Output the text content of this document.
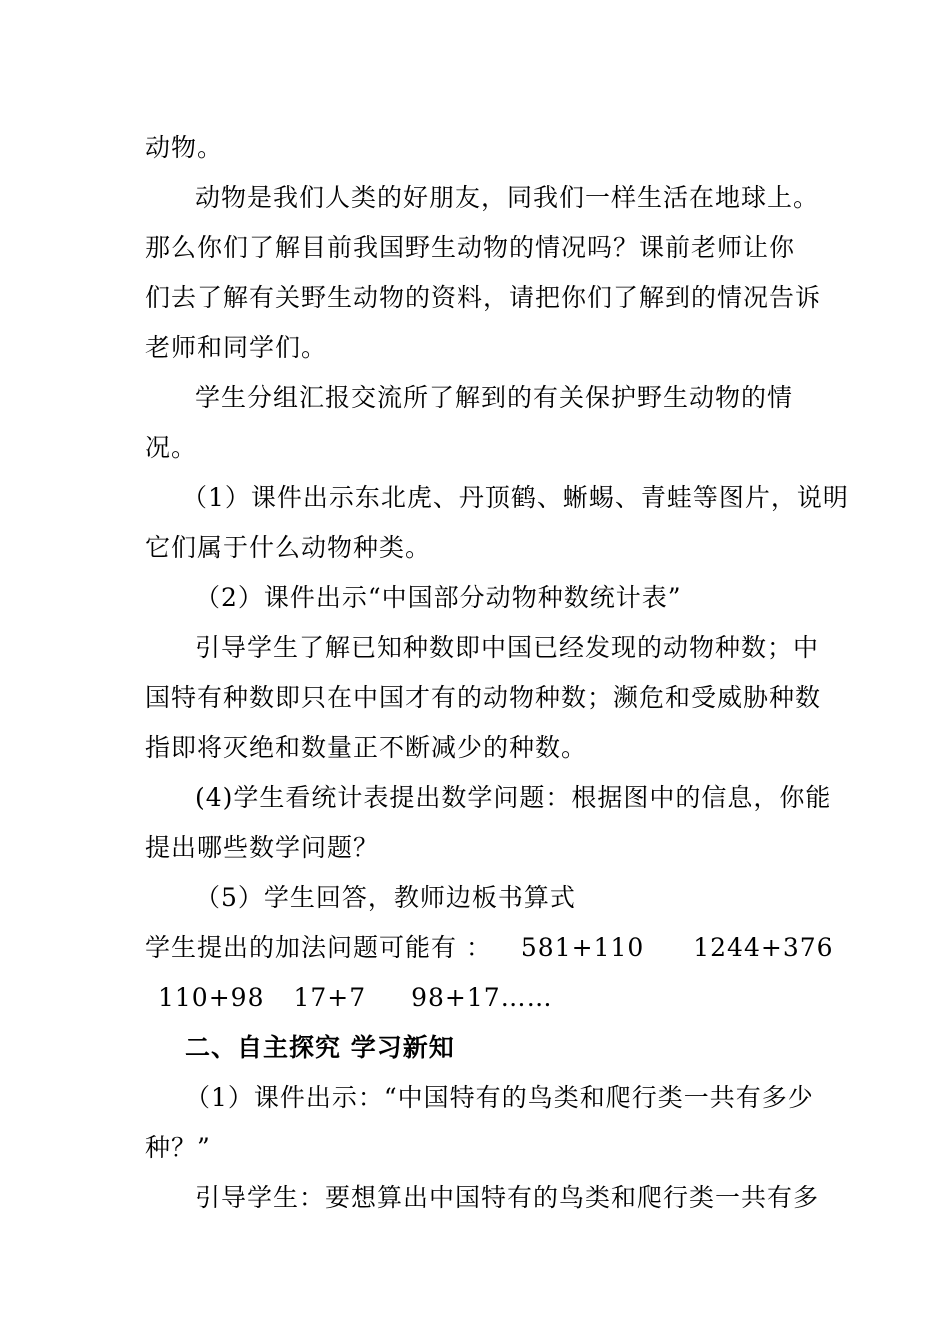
动物。
动物是我们人类的好朋友，同我们一样生活在地球上。
那么你们了解目前我国野生动物的情况吗？课前老师让你
们去了解有关野生动物的资料，请把你们了解到的情况告诉
老师和同学们。
学生分组汇报交流所了解到的有关保护野生动物的情
况。
（1）课件出示东北虎、丹顶鹤、蜥蜴、青蛙等图片，说明
它们属于什么动物种类。
（2）课件出示“中国部分动物种数统计表”
引导学生了解已知种数即中国已经发现的动物种数；中
国特有种数即只在中国才有的动物种数；濒危和受威胁种数
指即将灭绝和数量正不断减少的种数。
(4)学生看统计表提出数学问题：根据图中的信息，你能
提出哪些数学问题？
（5）学生回答，教师边板书算式
学生提出的加法问题可能有 ： 581+110 1244+376
110+98 17+7 98+17……
二、自主探究 学习新知
（1）课件出示：“中国特有的鸟类和爬行类一共有多少
种？”
引导学生：要想算出中国特有的鸟类和爬行类一共有多
